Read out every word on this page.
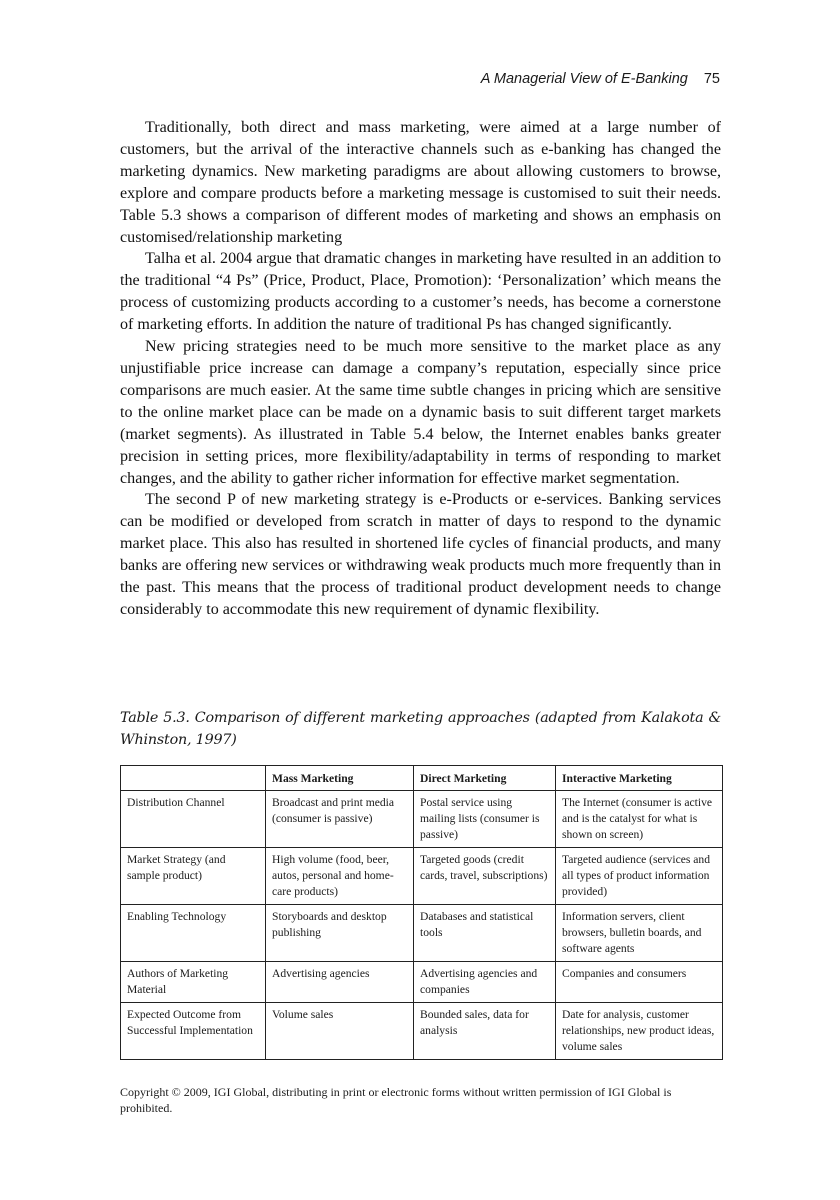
A Managerial View of E-Banking 75

Traditionally, both direct and mass marketing, were aimed at a large number of customers, but the arrival of the interactive channels such as e-banking has changed the marketing dynamics. New marketing paradigms are about allowing customers to browse, explore and compare products before a marketing message is customised to suit their needs. Table 5.3 shows a comparison of different modes of marketing and shows an emphasis on customised/relationship marketing

Talha et al. 2004 argue that dramatic changes in marketing have resulted in an addition to the traditional “4 Ps” (Price, Product, Place, Promotion): ‘Personalization’ which means the process of customizing products according to a customer’s needs, has become a cornerstone of marketing efforts. In addition the nature of traditional Ps has changed significantly.

New pricing strategies need to be much more sensitive to the market place as any unjustifiable price increase can damage a company’s reputation, especially since price comparisons are much easier. At the same time subtle changes in pricing which are sensitive to the online market place can be made on a dynamic basis to suit different target markets (market segments). As illustrated in Table 5.4 below, the Internet enables banks greater precision in setting prices, more flexibility/adaptability in terms of responding to market changes, and the ability to gather richer information for effective market segmentation.

The second P of new marketing strategy is e-Products or e-services. Banking services can be modified or developed from scratch in matter of days to respond to the dynamic market place. This also has resulted in shortened life cycles of financial products, and many banks are offering new services or withdrawing weak products much more frequently than in the past. This means that the process of traditional product development needs to change considerably to accommodate this new requirement of dynamic flexibility.

Table 5.3. Comparison of different marketing approaches (adapted from Kalakota & Whinston, 1997)
	Mass Marketing	Direct Marketing	Interactive Marketing
Distribution Channel	Broadcast and print media (consumer is passive)	Postal service using mailing lists (consumer is passive)	The Internet (consumer is active and is the catalyst for what is shown on screen)
Market Strategy (and sample product)	High volume (food, beer, autos, personal and home-care products)	Targeted goods (credit cards, travel, subscriptions)	Targeted audience (services and all types of product information provided)
Enabling Technology	Storyboards and desktop publishing	Databases and statistical tools	Information servers, client browsers, bulletin boards, and software agents
Authors of Marketing Material	Advertising agencies	Advertising agencies and companies	Companies and consumers
Expected Outcome from Successful Implementation	Volume sales	Bounded sales, data for analysis	Date for analysis, customer relationships, new product ideas, volume sales
Copyright © 2009, IGI Global, distributing in print or electronic forms without written permission of IGI Global is prohibited.
